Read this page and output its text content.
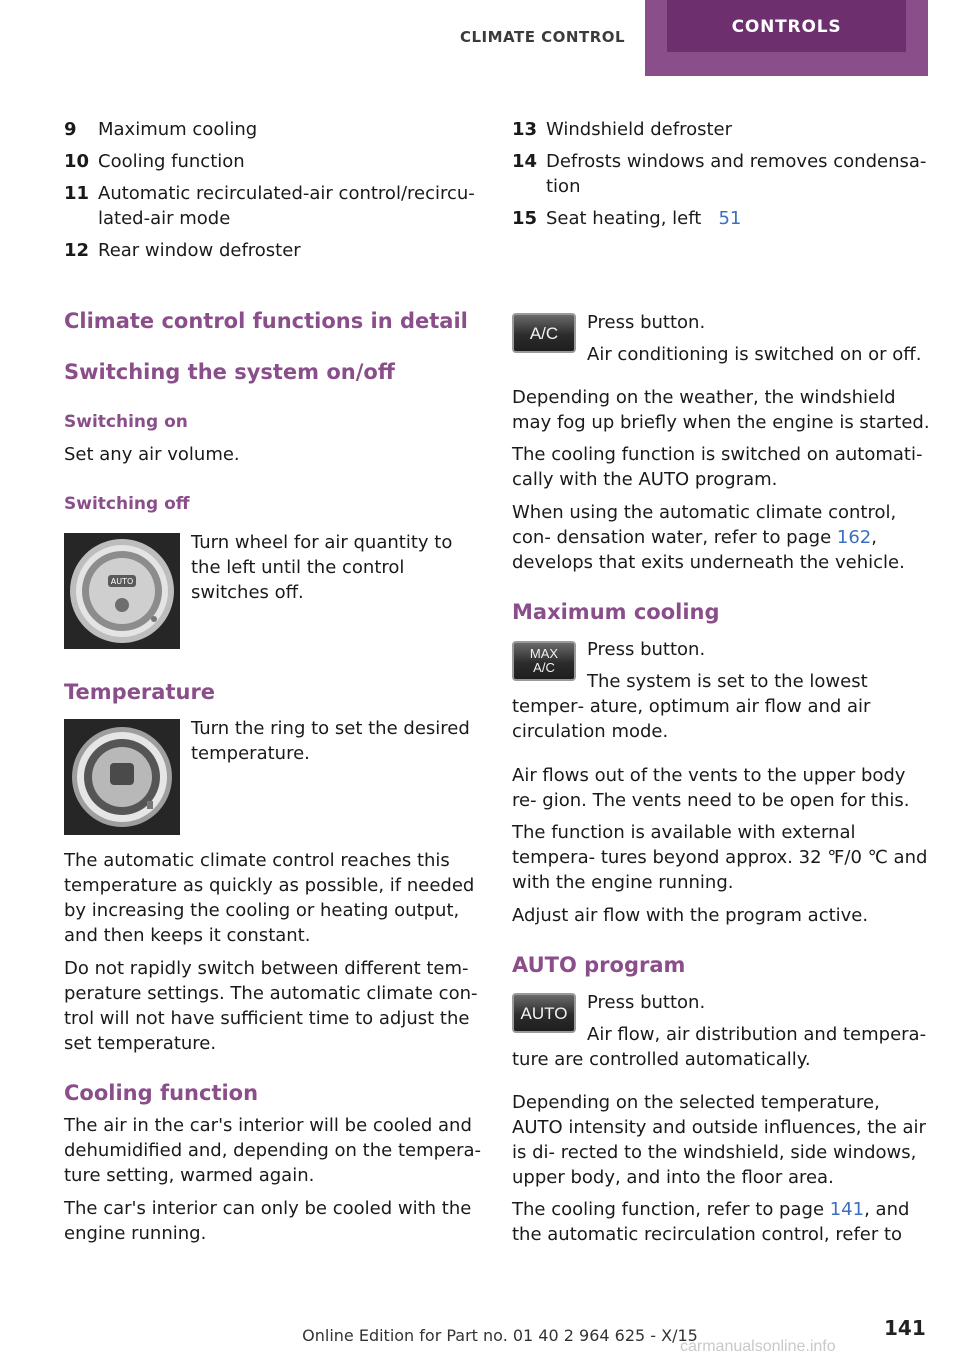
CLIMATE CONTROL	CONTROLS
9	Maximum cooling
10 Cooling function
11 Automatic recirculated-air control/recircu‐
lated-air mode
12 Rear window defroster
Climate control functions in detail
Switching the system on/off
Switching on

Set any air volume.

Switching off
AUTO

Turn wheel for air quantity to the left until the control switches off.

Temperature

Turn the ring to set the desired temperature.

The automatic climate control reaches this temperature as quickly as possible, if needed by increasing the cooling or heating output, and then keeps it constant.

Do not rapidly switch between different tem‐ perature settings. The automatic climate con‐ trol will not have sufficient time to adjust the set temperature.

Cooling function

The air in the car's interior will be cooled and dehumidified and, depending on the tempera‐ ture setting, warmed again.

The car's interior can only be cooled with the engine running.

13 Windshield defroster
14 Defrosts windows and removes condensa‐
tion
15 Seat heating, left 51
A/C Press button.

Air conditioning is switched on or off.

Depending on the weather, the windshield may fog up briefly when the engine is started.

The cooling function is switched on automati‐ cally with the AUTO program.

When using the automatic climate control, con‐ densation water, refer to page 162, develops that exits underneath the vehicle.

Maximum cooling
MAX
A/C

Press button.

The system is set to the lowest temper‐ ature, optimum air flow and air circulation mode.

Air flows out of the vents to the upper body re‐ gion. The vents need to be open for this.

The function is available with external tempera‐ tures beyond approx. 32 ℉/0 ℃ and with the engine running.

Adjust air flow with the program active.

AUTO program
AUTO Press button.

Air flow, air distribution and tempera‐ ture are controlled automatically.

Depending on the selected temperature, AUTO intensity and outside influences, the air is di‐ rected to the windshield, side windows, upper body, and into the floor area.

The cooling function, refer to page 141, and the automatic recirculation control, refer to

141
Online Edition for Part no. 01 40 2 964 625 - X/15
carmanualsonline.info
